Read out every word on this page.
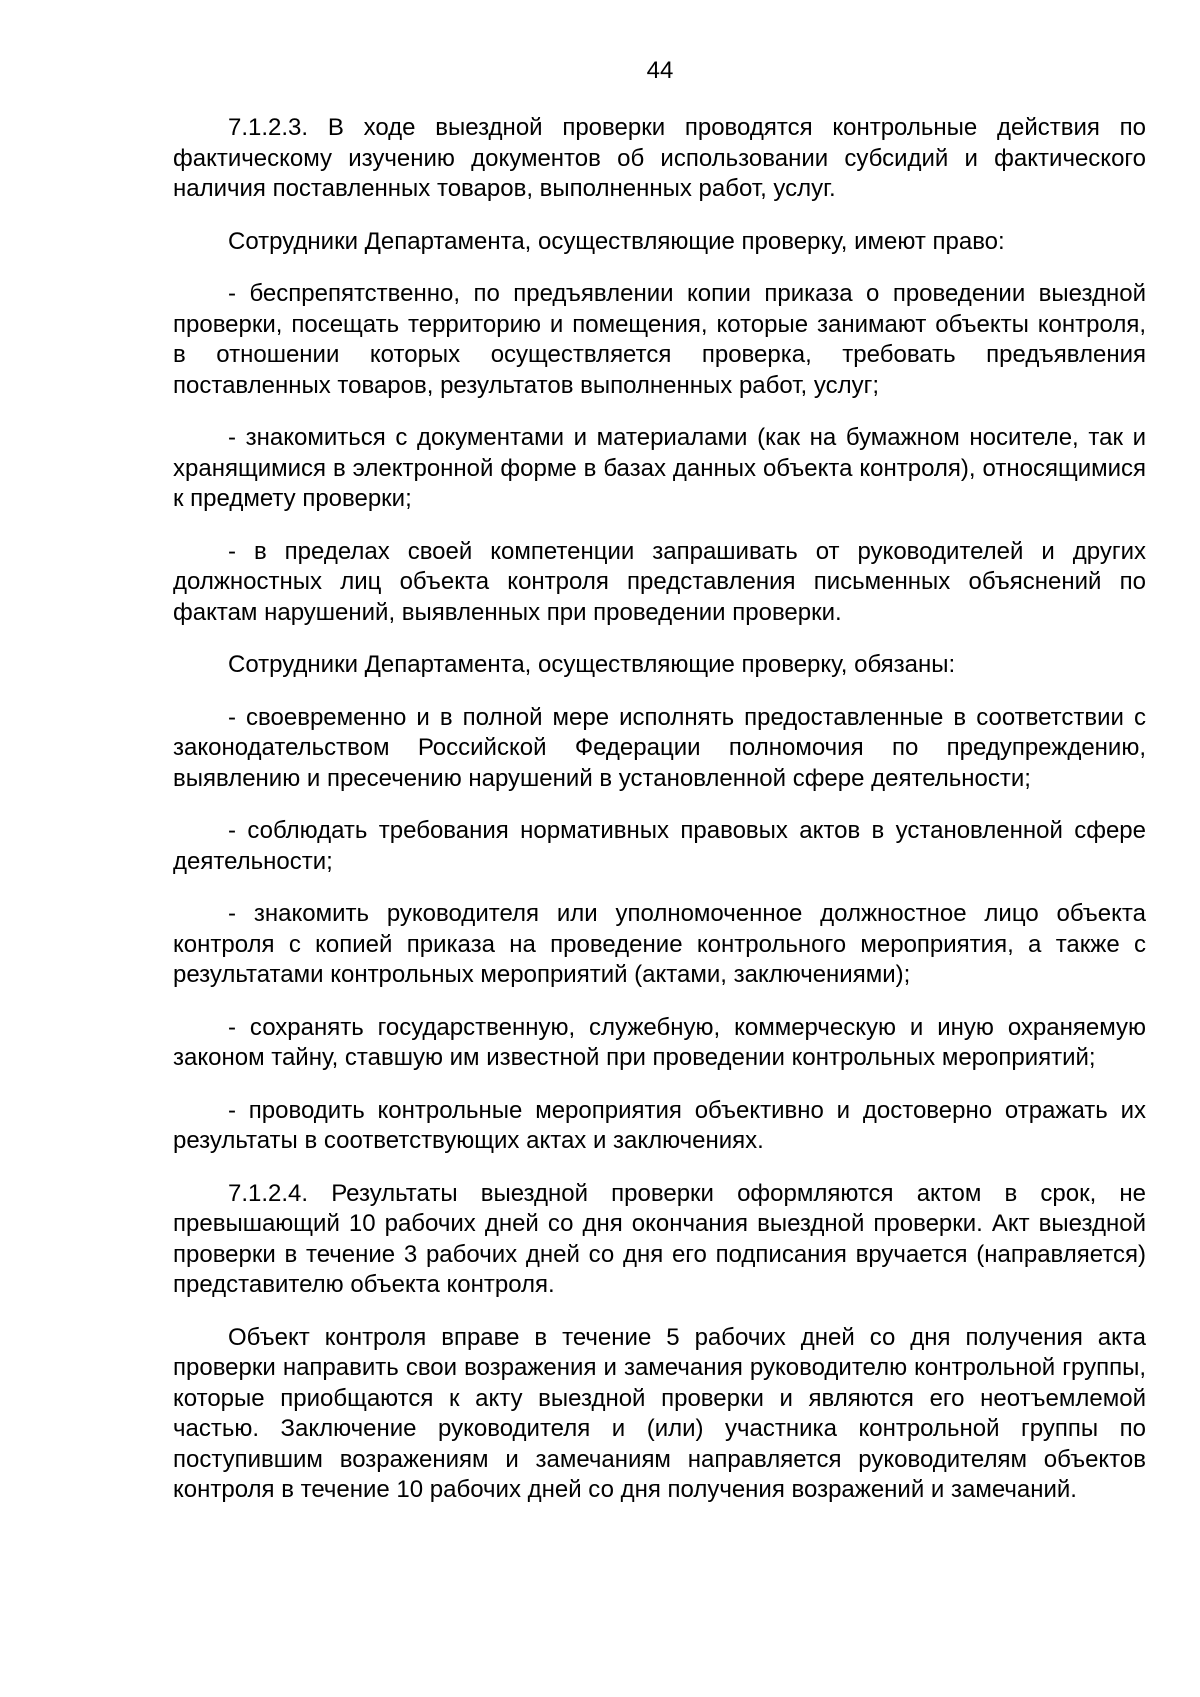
44

7.1.2.3. В ходе выездной проверки проводятся контрольные действия по фактическому изучению документов об использовании субсидий и фактического наличия поставленных товаров, выполненных работ, услуг.

Сотрудники Департамента, осуществляющие проверку, имеют право:

- беспрепятственно, по предъявлении копии приказа о проведении выездной проверки, посещать территорию и помещения, которые занимают объекты контроля, в отношении которых осуществляется проверка, требовать предъявления поставленных товаров, результатов выполненных работ, услуг;

- знакомиться с документами и материалами (как на бумажном носителе, так и хранящимися в электронной форме в базах данных объекта контроля), относящимися к предмету проверки;

- в пределах своей компетенции запрашивать от руководителей и других должностных лиц объекта контроля представления письменных объяснений по фактам нарушений, выявленных при проведении проверки.

Сотрудники Департамента, осуществляющие проверку, обязаны:

- своевременно и в полной мере исполнять предоставленные в соответствии с законодательством Российской Федерации полномочия по предупреждению, выявлению и пресечению нарушений в установленной сфере деятельности;

- соблюдать требования нормативных правовых актов в установленной сфере деятельности;

- знакомить руководителя или уполномоченное должностное лицо объекта контроля с копией приказа на проведение контрольного мероприятия, а также с результатами контрольных мероприятий (актами, заключениями);

- сохранять государственную, служебную, коммерческую и иную охраняемую законом тайну, ставшую им известной при проведении контрольных мероприятий;

- проводить контрольные мероприятия объективно и достоверно отражать их результаты в соответствующих актах и заключениях.

7.1.2.4. Результаты выездной проверки оформляются актом в срок, не превышающий 10 рабочих дней со дня окончания выездной проверки. Акт выездной проверки в течение 3 рабочих дней со дня его подписания вручается (направляется) представителю объекта контроля.

Объект контроля вправе в течение 5 рабочих дней со дня получения акта проверки направить свои возражения и замечания руководителю контрольной группы, которые приобщаются к акту выездной проверки и являются его неотъемлемой частью. Заключение руководителя и (или) участника контрольной группы по поступившим возражениям и замечаниям направляется руководителям объектов контроля в течение 10 рабочих дней со дня получения возражений и замечаний.
